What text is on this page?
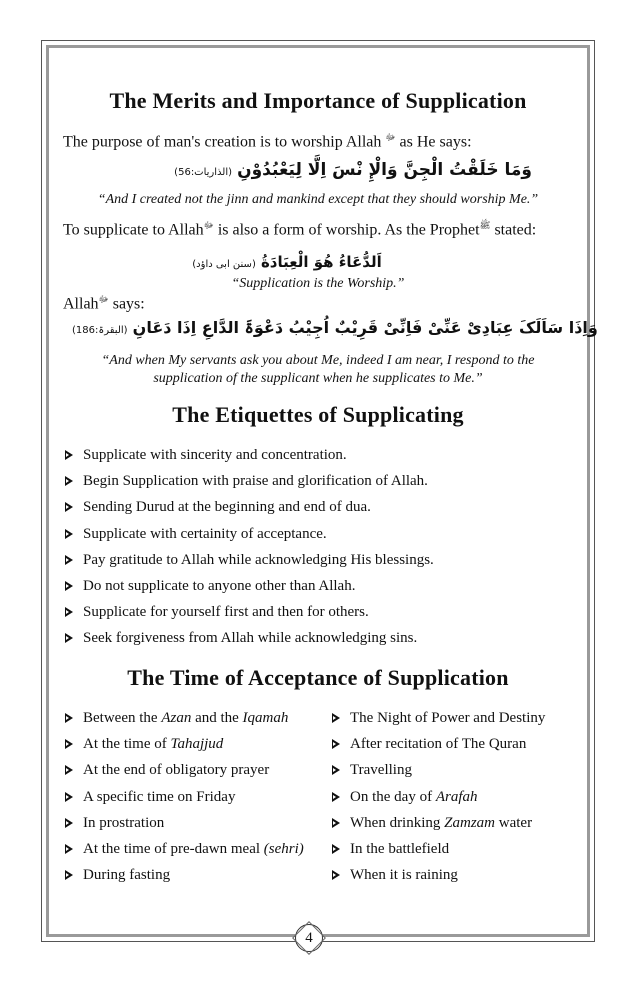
The Merits and Importance of Supplication
The purpose of man's creation is to worship Allah $^ﷻ$ as He says:
(الذاريات:56) وَمَا خَلَقْتُ الْجِنَّ وَالْإِ نْسَ اِلَّا لِيَعْبُدُوْنِ
“And I created not the jinn and mankind except that they should worship Me.”
To supplicate to Allah$^ﷻ$ is also a form of worship. As the Prophet$^ﷺ$ stated:
(سنن ابی داؤد) اَلدُّعَاءُ هُوَ الْعِبَادَةُ
“Supplication is the Worship.”
Allah$^ﷻ$ says:
(البقرۃ:186) وَاِذَا سَاَلَکَ عِبَادِیْ عَنِّیْ فَاِنِّیْ قَرِیْبٌ اُجِیْبُ دَعْوَۃَ الدَّاعِ اِذَا دَعَانِ
“And when My servants ask you about Me, indeed I am near, I respond to the
supplication of the supplicant when he supplicates to Me.”
The Etiquettes of Supplicating
Supplicate with sincerity and concentration.
Begin Supplication with praise and glorification of Allah.
Sending Durud at the beginning and end of dua.
Supplicate with certainity of acceptance.
Pay gratitude to Allah while acknowledging His blessings.
Do not supplicate to anyone other than Allah.
Supplicate for yourself first and then for others.
Seek forgiveness from Allah while acknowledging sins.
The Time of Acceptance of Supplication
Between the Azan and the Iqamah
At the time of Tahajjud
At the end of obligatory prayer
A specific time on Friday
In prostration
At the time of pre-dawn meal (sehri)
During fasting
The Night of Power and Destiny
After recitation of The Quran
Travelling
On the day of Arafah
When drinking Zamzam water
In the battlefield
When it is raining
4
